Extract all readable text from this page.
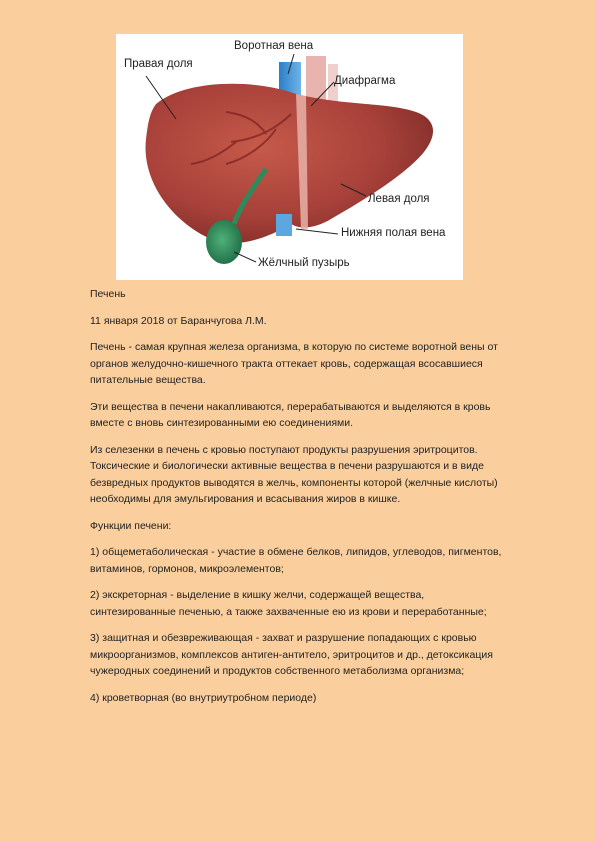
Правая доля
Воротная вена
Диафрагма
Левая доля
Нижняя полая вена
Жёлчный пузырь

Печень

11 января 2018 от Баранчугова Л.М.

Печень - самая крупная железа организма, в которую по системе воротной вены от органов желудочно-кишечного тракта оттекает кровь, содержащая всосавшиеся питательные вещества.

Эти вещества в печени накапливаются, перерабатываются и выделяются в кровь вместе с вновь синтезированными ею соединениями.

Из селезенки в печень с кровью поступают продукты разрушения эритроцитов. Токсические и биологически активные вещества в печени разрушаются и в виде безвредных продуктов выводятся в желчь, компоненты которой (желчные кислоты) необходимы для эмульгирования и всасывания жиров в кишке.

Функции печени:

1) общеметаболическая - участие в обмене белков, липидов, углеводов, пигментов, витаминов, гормонов, микроэлементов;

2) экскреторная - выделение в кишку желчи, содержащей вещества, синтезированные печенью, а также захваченные ею из крови и переработанные;

3) защитная и обезвреживающая - захват и разрушение попадающих с кровью микроорганизмов, комплексов антиген-антитело, эритроцитов и др., детоксикация чужеродных соединений и продуктов собственного метаболизма организма;

4) кроветворная (во внутриутробном периоде)
